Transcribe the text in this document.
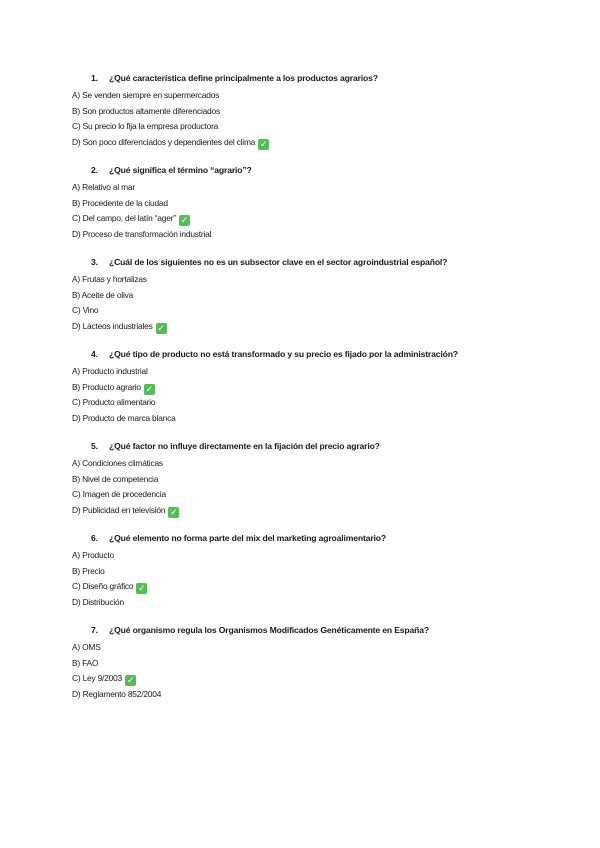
1. ¿Qué característica define principalmente a los productos agrarios?
A) Se venden siempre en supermercados
B) Son productos altamente diferenciados
C) Su precio lo fija la empresa productora
D) Son poco diferenciados y dependientes del clima ✓
2. ¿Qué significa el término “agrario”?
A) Relativo al mar
B) Procedente de la ciudad
C) Del campo, del latín “ager” ✓
D) Proceso de transformación industrial
3. ¿Cuál de los siguientes no es un subsector clave en el sector agroindustrial español?
A) Frutas y hortalizas
B) Aceite de oliva
C) Vino
D) Lácteos industriales ✓
4. ¿Qué tipo de producto no está transformado y su precio es fijado por la administración?
A) Producto industrial
B) Producto agrario ✓
C) Producto alimentario
D) Producto de marca blanca
5. ¿Qué factor no influye directamente en la fijación del precio agrario?
A) Condiciones climáticas
B) Nivel de competencia
C) Imagen de procedencia
D) Publicidad en televisión ✓
6. ¿Qué elemento no forma parte del mix del marketing agroalimentario?
A) Producto
B) Precio
C) Diseño gráfico ✓
D) Distribución
7. ¿Qué organismo regula los Organismos Modificados Genéticamente en España?
A) OMS
B) FAO
C) Ley 9/2003 ✓
D) Reglamento 852/2004
